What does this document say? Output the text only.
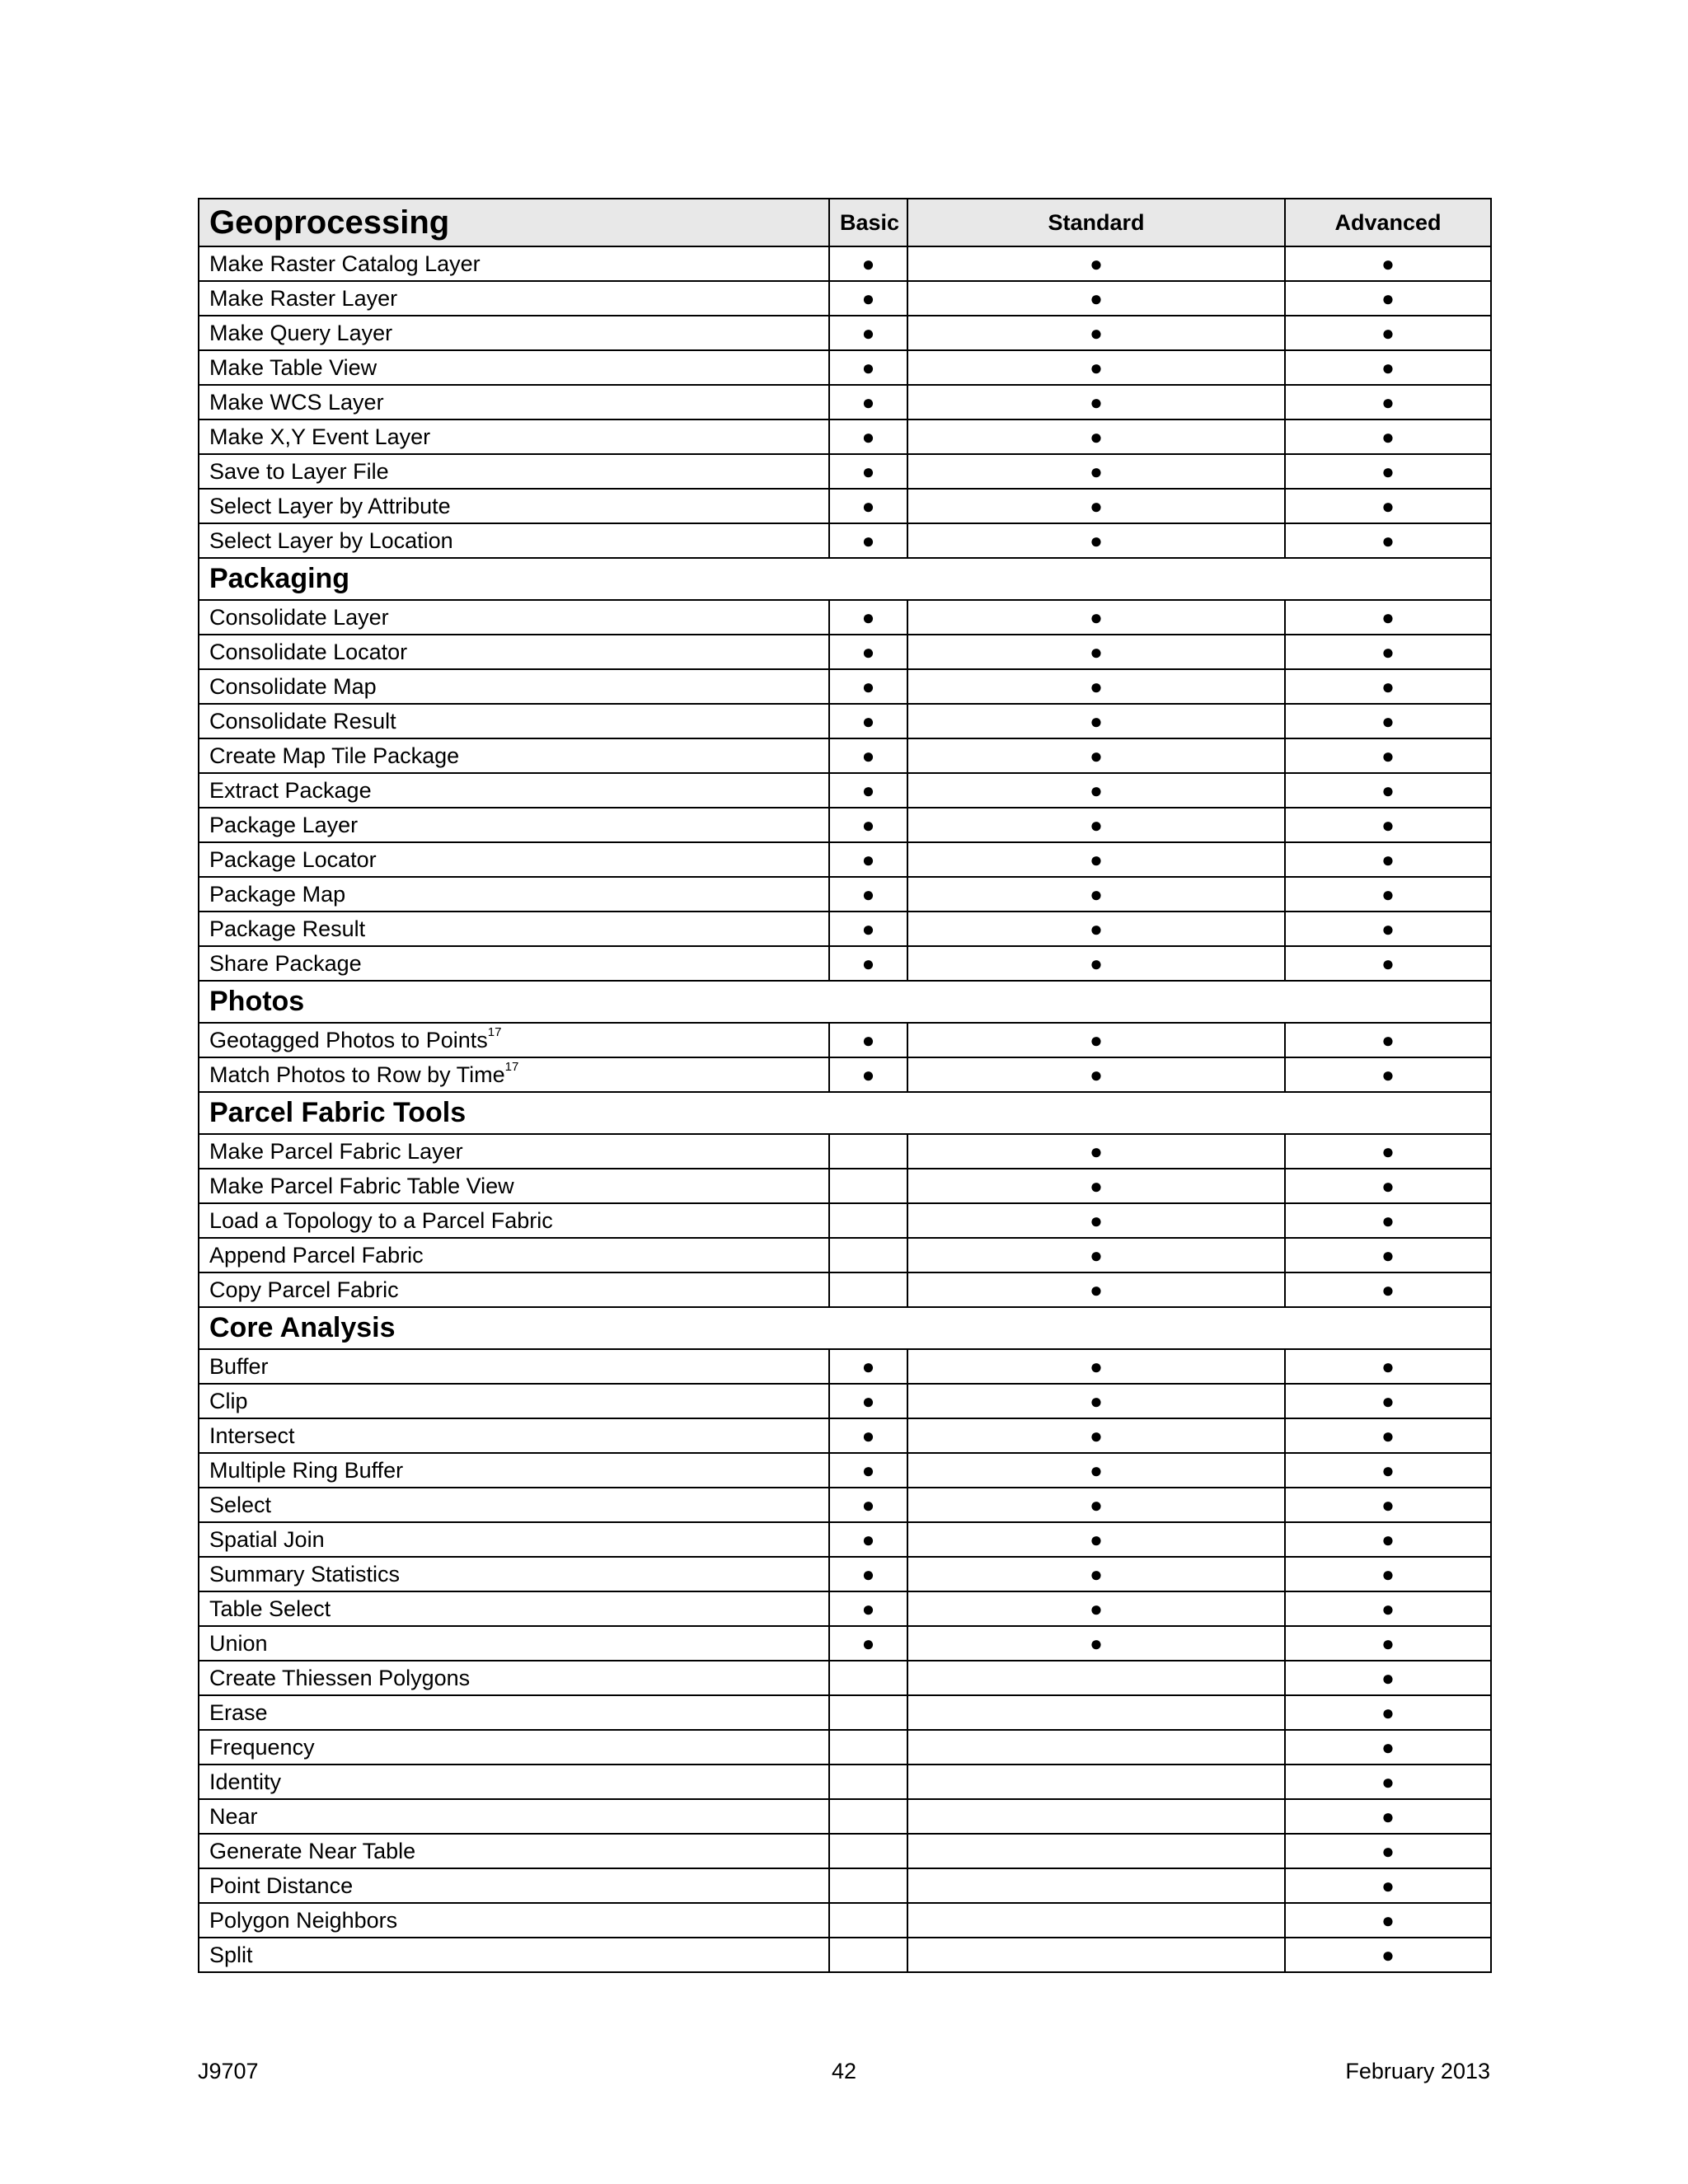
Geoprocessing	Basic	Standard	Advanced
Make Raster Catalog Layer	●	●	●
Make Raster Layer	●	●	●
Make Query Layer	●	●	●
Make Table View	●	●	●
Make WCS Layer	●	●	●
Make X,Y Event Layer	●	●	●
Save to Layer File	●	●	●
Select Layer by Attribute	●	●	●
Select Layer by Location	●	●	●
Packaging			
Consolidate Layer	●	●	●
Consolidate Locator	●	●	●
Consolidate Map	●	●	●
Consolidate Result	●	●	●
Create Map Tile Package	●	●	●
Extract Package	●	●	●
Package Layer	●	●	●
Package Locator	●	●	●
Package Map	●	●	●
Package Result	●	●	●
Share Package	●	●	●
Photos			
Geotagged Photos to Points$^{17}$	●	●	●
Match Photos to Row by Time$^{17}$	●	●	●
Parcel Fabric Tools			
Make Parcel Fabric Layer		●	●
Make Parcel Fabric Table View		●	●
Load a Topology to a Parcel Fabric		●	●
Append Parcel Fabric		●	●
Copy Parcel Fabric		●	●
Core Analysis			
Buffer	●	●	●
Clip	●	●	●
Intersect	●	●	●
Multiple Ring Buffer	●	●	●
Select	●	●	●
Spatial Join	●	●	●
Summary Statistics	●	●	●
Table Select	●	●	●
Union	●	●	●
Create Thiessen Polygons			●
Erase			●
Frequency			●
Identity			●
Near			●
Generate Near Table			●
Point Distance			●
Polygon Neighbors			●
Split			●
J9707	42	February 2013
